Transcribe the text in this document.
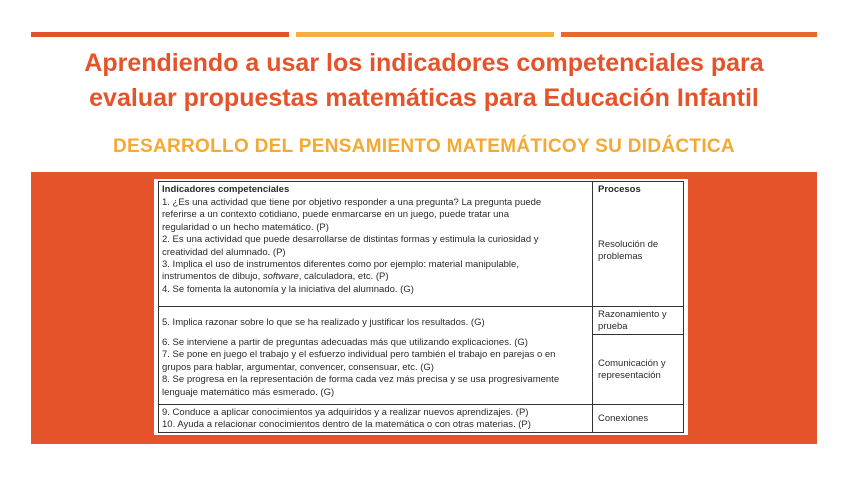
Aprendiendo a usar los indicadores competenciales para
evaluar propuestas matemáticas para Educación Infantil
DESARROLLO DEL PENSAMIENTO MATEMÁTICOY SU DIDÁCTICA
Indicadores competenciales	Procesos

1. ¿Es una actividad que tiene por objetivo responder a una pregunta? La pregunta puede

referirse a un contexto cotidiano, puede enmarcarse en un juego, puede tratar una

regularidad o un hecho matemático. (P)

2. Es una actividad que puede desarrollarse de distintas formas y estimula la curiosidad y

creatividad del alumnado. (P)

3. Implica el uso de instrumentos diferentes como por ejemplo: material manipulable,

instrumentos de dibujo, software, calculadora, etc. (P)

4. Se fomenta la autonomía y la iniciativa del alumnado. (G)

Resolución de

problemas

5. Implica razonar sobre lo que se ha realizado y justificar los resultados. (G)

Razonamiento y

prueba

6. Se interviene a partir de preguntas adecuadas más que utilizando explicaciones. (G)

7. Se pone en juego el trabajo y el esfuerzo individual pero también el trabajo en parejas o en

grupos para hablar, argumentar, convencer, consensuar, etc. (G)

8. Se progresa en la representación de forma cada vez más precisa y se usa progresivamente

lenguaje matemático más esmerado. (G)

Comunicación y

representación

9. Conduce a aplicar conocimientos ya adquiridos y a realizar nuevos aprendizajes. (P)

10. Ayuda a relacionar conocimientos dentro de la matemática o con otras materias. (P)

Conexiones
